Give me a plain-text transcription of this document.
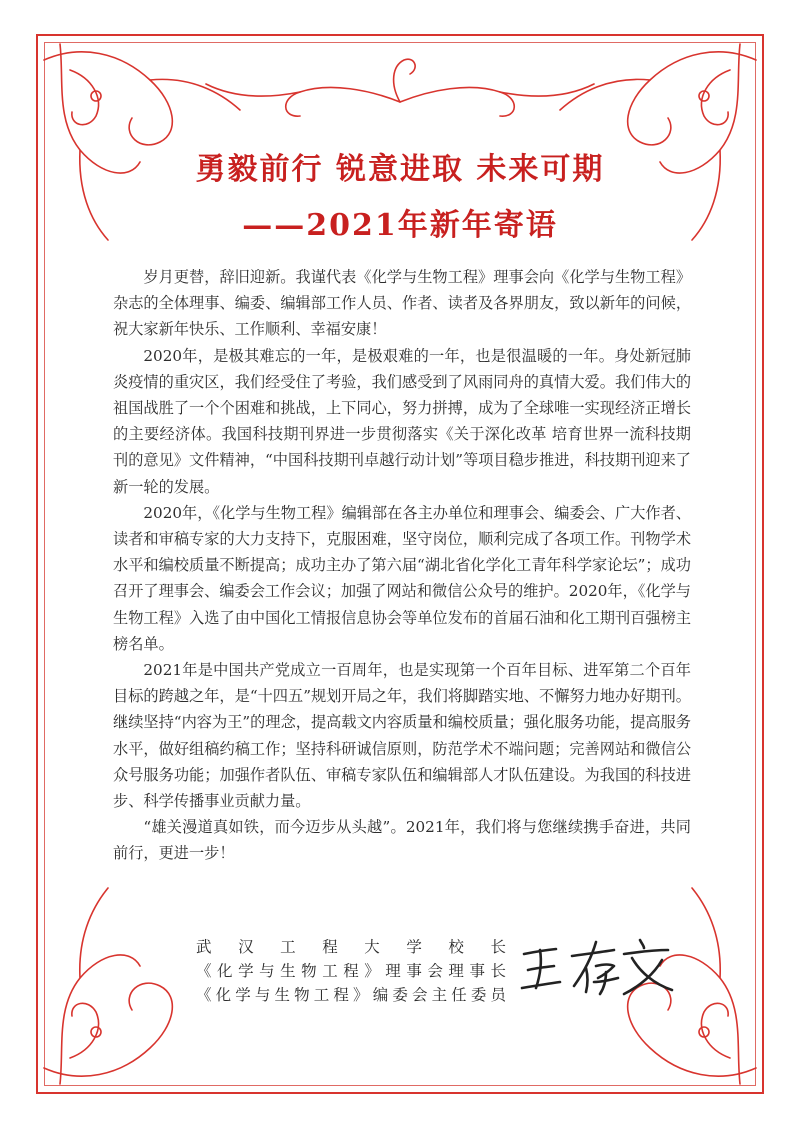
勇毅前行 锐意进取 未来可期
——2021年新年寄语

岁月更替，辞旧迎新。我谨代表《化学与生物工程》理事会向《化学与生物工程》杂志的全体理事、编委、编辑部工作人员、作者、读者及各界朋友，致以新年的问候，祝大家新年快乐、工作顺利、幸福安康！

2020年，是极其难忘的一年，是极艰难的一年，也是很温暖的一年。身处新冠肺炎疫情的重灾区，我们经受住了考验，我们感受到了风雨同舟的真情大爱。我们伟大的祖国战胜了一个个困难和挑战，上下同心，努力拼搏，成为了全球唯一实现经济正增长的主要经济体。我国科技期刊界进一步贯彻落实《关于深化改革 培育世界一流科技期刊的意见》文件精神，“中国科技期刊卓越行动计划”等项目稳步推进，科技期刊迎来了新一轮的发展。

2020年，《化学与生物工程》编辑部在各主办单位和理事会、编委会、广大作者、读者和审稿专家的大力支持下，克服困难，坚守岗位，顺利完成了各项工作。刊物学术水平和编校质量不断提高；成功主办了第六届“湖北省化学化工青年科学家论坛”；成功召开了理事会、编委会工作会议；加强了网站和微信公众号的维护。2020年，《化学与生物工程》入选了由中国化工情报信息协会等单位发布的首届石油和化工期刊百强榜主榜名单。

2021年是中国共产党成立一百周年，也是实现第一个百年目标、进军第二个百年目标的跨越之年，是“十四五”规划开局之年，我们将脚踏实地、不懈努力地办好期刊。继续坚持“内容为王”的理念，提高载文内容质量和编校质量；强化服务功能，提高服务水平，做好组稿约稿工作；坚持科研诚信原则，防范学术不端问题；完善网站和微信公众号服务功能；加强作者队伍、审稿专家队伍和编辑部人才队伍建设。为我国的科技进步、科学传播事业贡献力量。

“雄关漫道真如铁，而今迈步从头越”。2021年，我们将与您继续携手奋进，共同前行，更进一步！

武汉工程大学校长
《化学与生物工程》理事会理事长
《化学与生物工程》编委会主任委员
